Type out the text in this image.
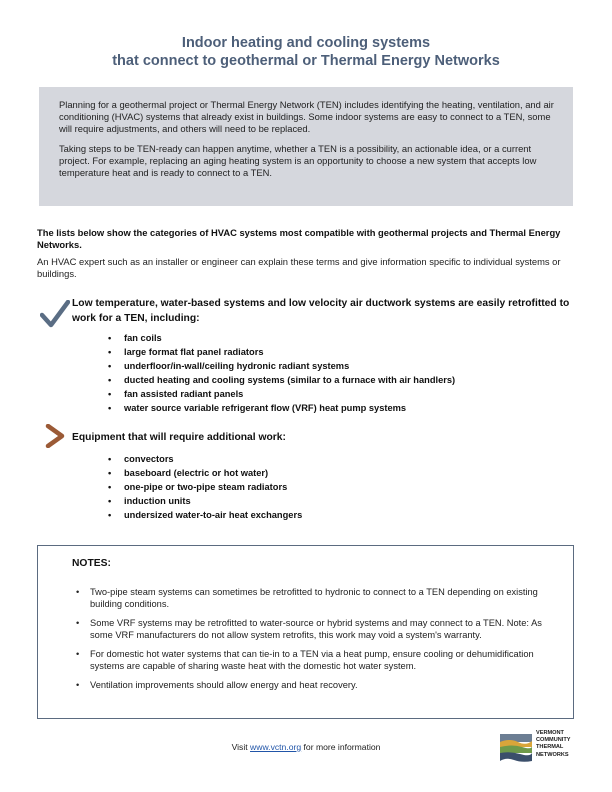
Indoor heating and cooling systems
that connect to geothermal or Thermal Energy Networks

Planning for a geothermal project or Thermal Energy Network (TEN) includes identifying the heating, ventilation, and air conditioning (HVAC) systems that already exist in buildings. Some indoor systems are easy to connect to a TEN, some will require adjustments, and others will need to be replaced.

Taking steps to be TEN-ready can happen anytime, whether a TEN is a possibility, an actionable idea, or a current project. For example, replacing an aging heating system is an opportunity to choose a new system that accepts low temperature heat and is ready to connect to a TEN.

The lists below show the categories of HVAC systems most compatible with geothermal projects and Thermal Energy Networks.

An HVAC expert such as an installer or engineer can explain these terms and give information specific to individual systems or buildings.

Low temperature, water-based systems and low velocity air ductwork systems are easily retrofitted to work for a TEN, including:
• fan coils
• large format flat panel radiators
• underfloor/in-wall/ceiling hydronic radiant systems
• ducted heating and cooling systems (similar to a furnace with air handlers)
• fan assisted radiant panels
• water source variable refrigerant flow (VRF) heat pump systems
Equipment that will require additional work:
• convectors
• baseboard (electric or hot water)
• one-pipe or two-pipe steam radiators
• induction units
• undersized water-to-air heat exchangers
NOTES:
• Two-pipe steam systems can sometimes be retrofitted to hydronic to connect to a TEN depending on existing building conditions.
• Some VRF systems may be retrofitted to water-source or hybrid systems and may connect to a TEN. Note: As some VRF manufacturers do not allow system retrofits, this work may void a system's warranty.
• For domestic hot water systems that can tie-in to a TEN via a heat pump, ensure cooling or dehumidification systems are capable of sharing waste heat with the domestic hot water system.
• Ventilation improvements should allow energy and heat recovery.
Visit www.vctn.org for more information
VERMONT
COMMUNITY
THERMAL
NETWORKS
